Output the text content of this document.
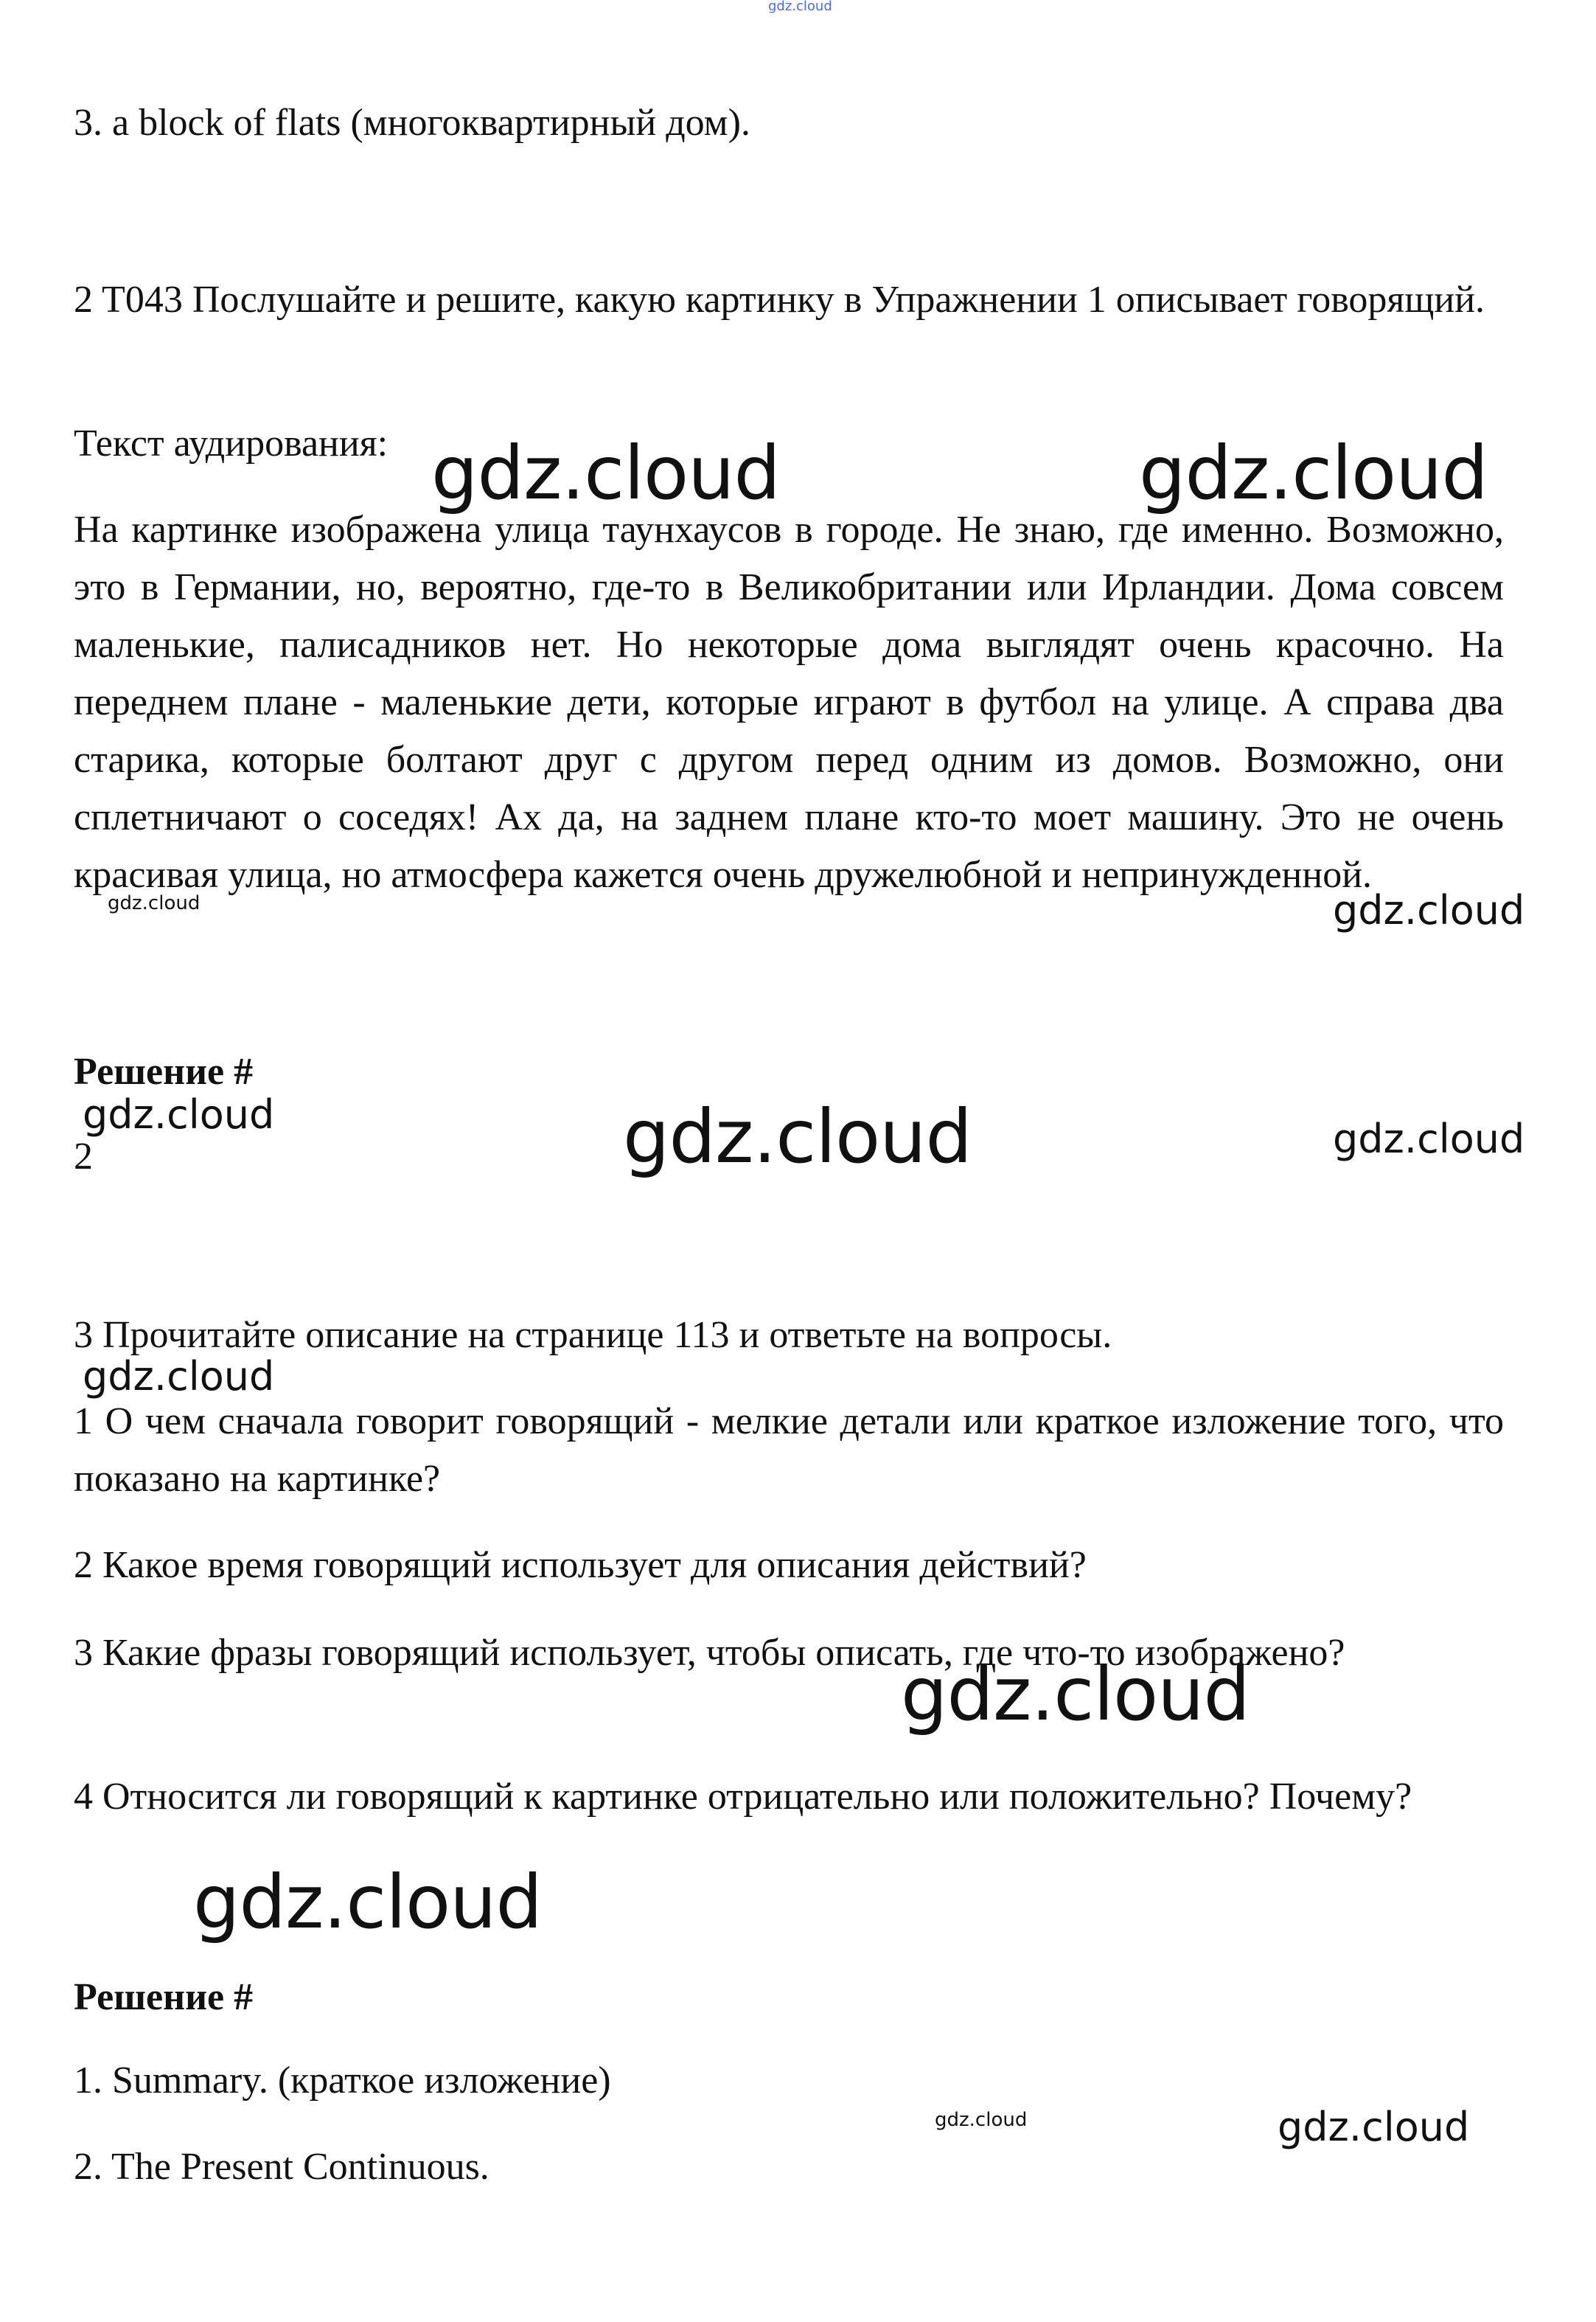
gdz.cloud

3. a block of flats (многоквартирный дом).

2 T043 Послушайте и решите, какую картинку в Упражнении 1 описывает говорящий.

Текст аудирования:

На картинке изображена улица таунхаусов в городе. Не знаю, где именно. Возможно, это в Германии, но, вероятно, где-то в Великобритании или Ирландии. Дома совсем маленькие, палисадников нет. Но некоторые дома выглядят очень красочно. На переднем плане - маленькие дети, которые играют в футбол на улице. А справа два старика, которые болтают друг с другом перед одним из домов. Возможно, они сплетничают о соседях! Ах да, на заднем плане кто-то моет машину. Это не очень красивая улица, но атмосфера кажется очень дружелюбной и непринужденной.

Решение #

2

3 Прочитайте описание на странице 113 и ответьте на вопросы.

1 О чем сначала говорит говорящий - мелкие детали или краткое изложение того, что показано на картинке?

2 Какое время говорящий использует для описания действий?

3 Какие фразы говорящий использует, чтобы описать, где что-то изображено?

4 Относится ли говорящий к картинке отрицательно или положительно? Почему?

Решение #

1. Summary. (краткое изложение)

2. The Present Continuous.

gdz.cloud	gdz.cloud
gdz.cloud	gdz.cloud
gdz.cloud	gdz.cloud	gdz.cloud
gdz.cloud
gdz.cloud
gdz.cloud
gdz.cloud	gdz.cloud
